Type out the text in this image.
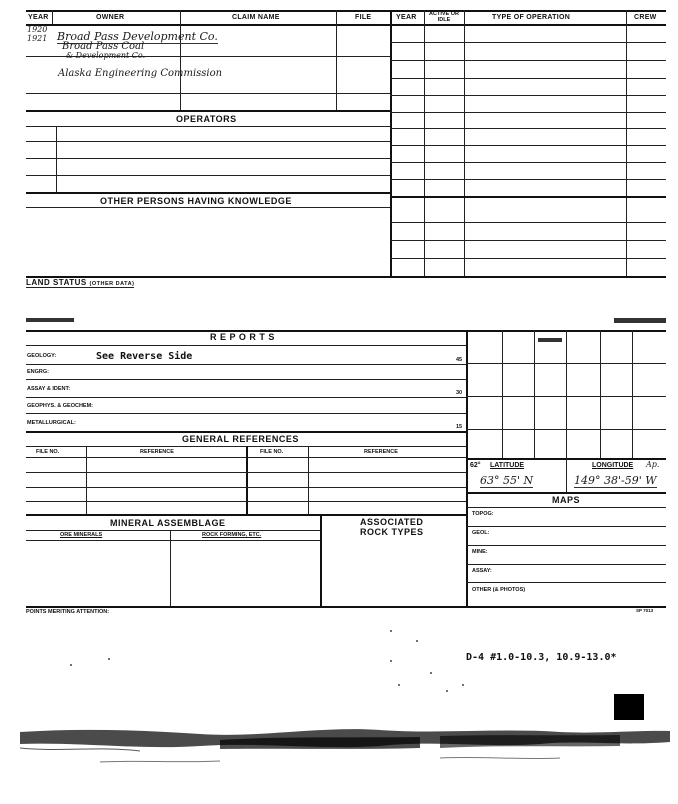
YEAR	OWNER	CLAIM NAME	FILE	YEAR	ACTIVE OR IDLE	TYPE OF OPERATION	CREW
1920
1921 Broad Pass Development Co.
Broad Pass Coal
& Development Co.
Alaska Engineering Commission
OPERATORS
OTHER PERSONS HAVING KNOWLEDGE
LAND STATUS (OTHER DATA)
R E P O R T S
GEOLOGY:	See Reverse Side	45
ENGRG:
ASSAY & IDENT:
30
GEOPHYS. & GEOCHEM:
METALLURGICAL:
15
GENERAL REFERENCES
FILE NO.	REFERENCE	FILE NO.	REFERENCE
MINERAL ASSEMBLAGE	ASSOCIATED
ROCK TYPES
ORE MINERALS	ROCK FORMING, ETC.
62° LATITUDE	LONGITUDE Ap.
63° 55' N	149° 38'-59' W
MAPS
TOPOG:
GEOL:
MINE:
ASSAY:
OTHER (& PHOTOS)
POINTS MERITING ATTENTION:	SP 7013
D-4 #1.0-10.3, 10.9-13.0*
